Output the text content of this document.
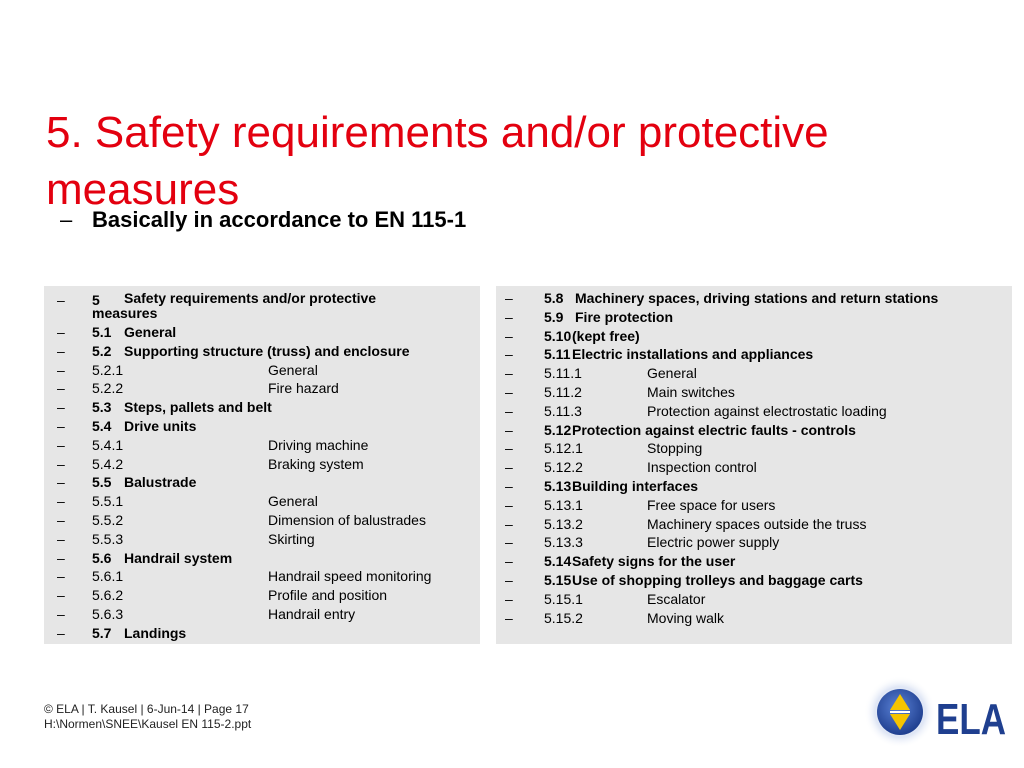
5. Safety requirements and/or protective measures
– Basically in accordance to EN 115-1
–	5 Safety requirements and/or protective
measures
–	5.1 General
–	5.2 Supporting structure (truss) and enclosure
–	5.2.1	General
–	5.2.2	Fire hazard
–	5.3 Steps, pallets and belt
–	5.4 Drive units
–	5.4.1	Driving machine
–	5.4.2	Braking system
–	5.5 Balustrade
–	5.5.1	General
–	5.5.2	Dimension of balustrades
–	5.5.3	Skirting
–	5.6 Handrail system
–	5.6.1	Handrail speed monitoring
–	5.6.2	Profile and position
–	5.6.3	Handrail entry
–	5.7 Landings
–	5.8 Machinery spaces, driving stations and return stations
–	5.9 Fire protection
–	5.10 (kept free)
–	5.11 Electric installations and appliances
–	5.11.1	General
–	5.11.2	Main switches
–	5.11.3	Protection against electrostatic loading
–	5.12 Protection against electric faults - controls
–	5.12.1	Stopping
–	5.12.2	Inspection control
–	5.13 Building interfaces
–	5.13.1	Free space for users
–	5.13.2	Machinery spaces outside the truss
–	5.13.3	Electric power supply
–	5.14 Safety signs for the user
–	5.15 Use of shopping trolleys and baggage carts
–	5.15.1	Escalator
–	5.15.2	Moving walk
© ELA | T. Kausel | 6-Jun-14 | Page 17
H:\Normen\SNEE\Kausel EN 115-2.ppt	ELA
